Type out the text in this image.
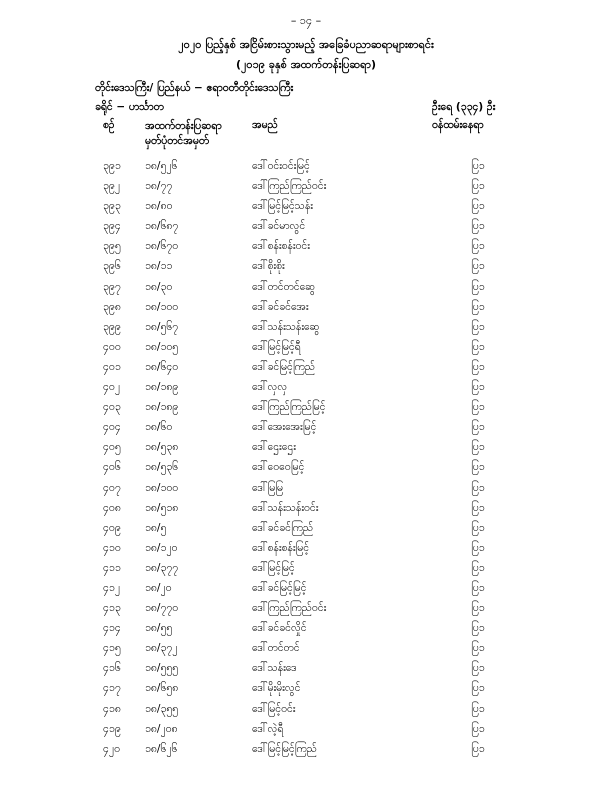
– ၁၄ –
၂၀၂၀ ပြည့်နှစ် အငြိမ်းစားသွားမည့် အခြေခံပညာဆရာများစာရင်း
(၂၀၁၉ ခုနှစ် အထက်တန်းပြဆရာ)
တိုင်းဒေသကြီး/ ပြည်နယ် − ဧရာဝတီတိုင်းဒေသကြီး
ခရိုင် − ဟင်္သာတ	ဦးရေ (၃၃၄) ဦး
စဉ်	အထက်တန်းပြဆရာ မှတ်ပုံတင်အမှတ်
အမည်	ဝန်ထမ်းနေရာ
၃၉၁ ၁၈/၅၂၆	ဒေါ်ဝင်းဝင်းမြင့်	ပြ၁
၃၉၂ ၁၈/၇၇	ဒေါ်ကြည်ကြည်ဝင်း	ပြ၁
၃၉၃ ၁၈/၈၀	ဒေါ်မြင့်မြင့်သန်း	ပြ၁
၃၉၄ ၁၈/၆၈၇	ဒေါ်ခင်မာလွင်	ပြ၁
၃၉၅ ၁၈/၆၇၀	ဒေါ်စန်းစန်းဝင်း	ပြ၁
၃၉၆ ၁၈/၁၁	ဒေါ်စိုးစိုး	ပြ၁
၃၉၇ ၁၈/၃၀	ဒေါ်တင်တင်ဆွေ	ပြ၁
၃၉၈ ၁၈/၁၀၀	ဒေါ်ခင်ခင်အေး	ပြ၁
၃၉၉ ၁၈/၅၆၇	ဒေါ်သန်းသန်းဆွေ	ပြ၁
၄၀၀ ၁၈/၁၀၅	ဒေါ်မြင့်မြင့်ရီ	ပြ၁
၄၀၁ ၁၈/၆၄၀	ဒေါ်ခင်မြင့်ကြည်	ပြ၁
၄၀၂ ၁၈/၁၈၉	ဒေါ်လှလှ	ပြ၁
၄၀၃ ၁၈/၁၈၉	ဒေါ်ကြည်ကြည်မြင့်	ပြ၁
၄၀၄ ၁၈/၆၀	ဒေါ်အေးအေးမြင့်	ပြ၁
၄၀၅ ၁၈/၅၃၈	ဒေါ်ဌေးဌေး	ပြ၁
၄၀၆ ၁၈/၅၃၆	ဒေါ်ဝေဝေမြင့်	ပြ၁
၄၀၇ ၁၈/၁၀၀	ဒေါ်မြမြ	ပြ၁
၄၀၈ ၁၈/၅၁၈	ဒေါ်သန်းသန်းဝင်း	ပြ၁
၄၀၉ ၁၈/၅	ဒေါ်ခင်ခင်ကြည်	ပြ၁
၄၁၀ ၁၈/၁၂၀	ဒေါ်စန်းစန်းမြင့်	ပြ၁
၄၁၁ ၁၈/၃၇၇	ဒေါ်မြင့်မြင့်	ပြ၁
၄၁၂ ၁၈/၂၀	ဒေါ်ခင်မြင့်မြင့်	ပြ၁
၄၁၃ ၁၈/၇၇၀	ဒေါ်ကြည်ကြည်ဝင်း	ပြ၁
၄၁၄ ၁၈/၅၅	ဒေါ်ခင်ခင်လှိုင်	ပြ၁
၄၁၅ ၁၈/၃၇၂	ဒေါ်တင်တင်	ပြ၁
၄၁၆ ၁၈/၅၅၅	ဒေါ်သန်းဒေ	ပြ၁
၄၁၇ ၁၈/၆၅၈	ဒေါ်မိုးမိုးလွင်	ပြ၁
၄၁၈ ၁၈/၃၅၅	ဒေါ်မြင့်ဝင်း	ပြ၁
၄၁၉ ၁၈/၂၀၈	ဒေါ်လဲ့ရီ	ပြ၁
၄၂၀ ၁၈/၆၂၆	ဒေါ်မြင့်မြင့်ကြည်	ပြ၁
